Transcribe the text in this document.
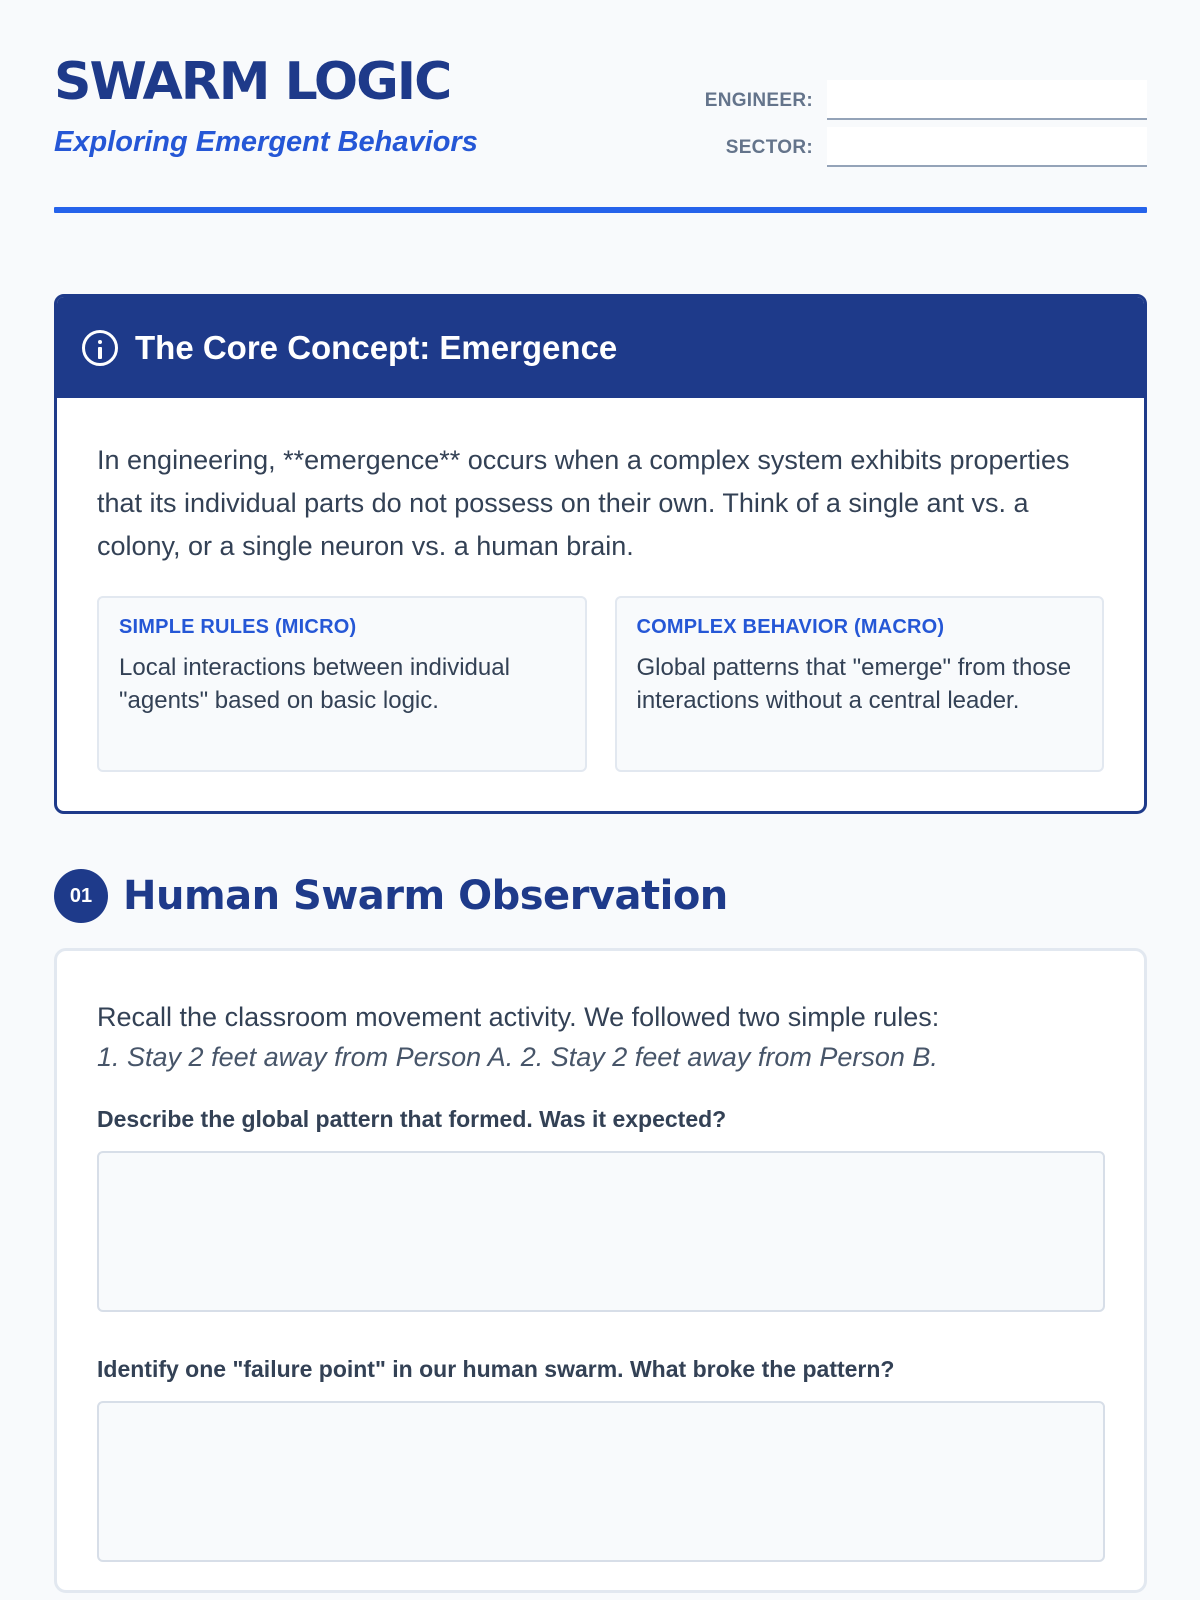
SWARM LOGIC
Exploring Emergent Behaviors
ENGINEER:
SECTOR:
The Core Concept: Emergence

In engineering, **emergence** occurs when a complex system exhibits properties that its individual parts do not possess on their own. Think of a single ant vs. a colony, or a single neuron vs. a human brain.

SIMPLE RULES (MICRO)
Local interactions between individual "agents" based on basic logic.
COMPLEX BEHAVIOR (MACRO)
Global patterns that "emerge" from those interactions without a central leader.
01 Human Swarm Observation

Recall the classroom movement activity. We followed two simple rules:

1. Stay 2 feet away from Person A. 2. Stay 2 feet away from Person B.

Describe the global pattern that formed. Was it expected?
Identify one "failure point" in our human swarm. What broke the pattern?
